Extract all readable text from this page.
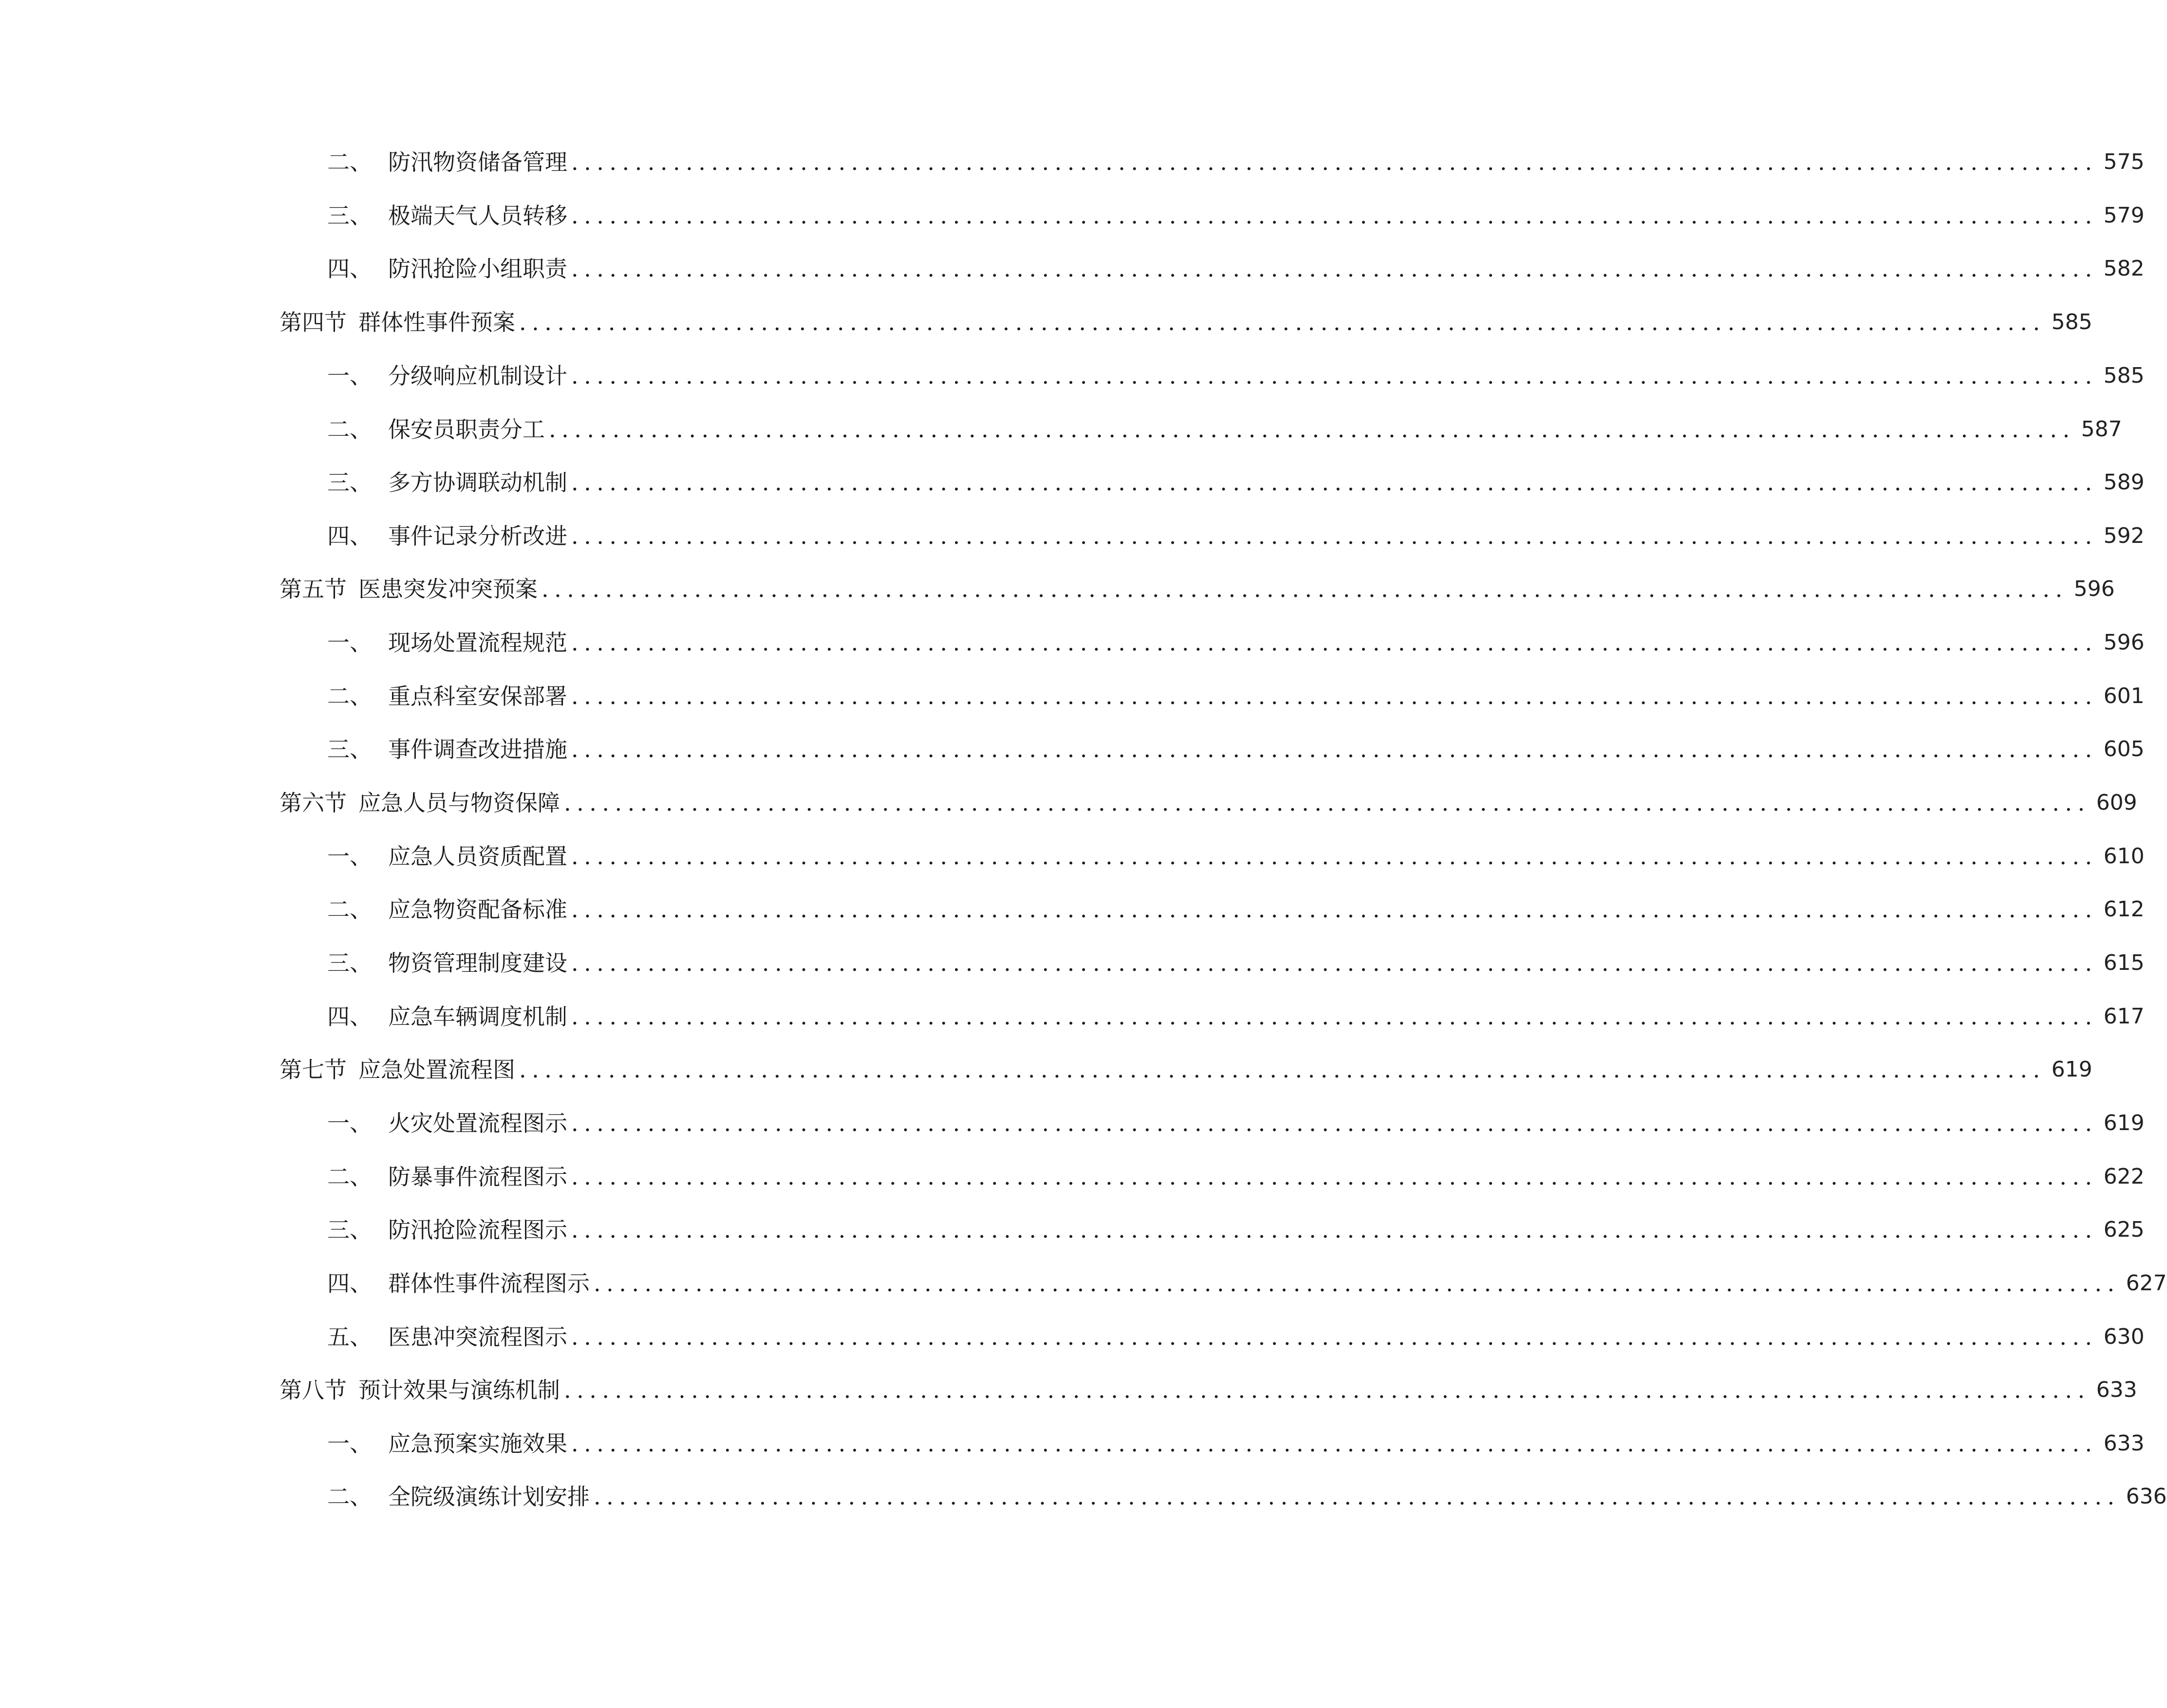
二、 防汛物资储备管理 ........................................................................................................................ 575
三、 极端天气人员转移 ........................................................................................................................ 579
四、 防汛抢险小组职责 ........................................................................................................................ 582
第四节 群体性事件预案 ........................................................................................................................ 585
一、 分级响应机制设计 ........................................................................................................................ 585
二、 保安员职责分工 ........................................................................................................................ 587
三、 多方协调联动机制 ........................................................................................................................ 589
四、 事件记录分析改进 ........................................................................................................................ 592
第五节 医患突发冲突预案 ........................................................................................................................ 596
一、 现场处置流程规范 ........................................................................................................................ 596
二、 重点科室安保部署 ........................................................................................................................ 601
三、 事件调查改进措施 ........................................................................................................................ 605
第六节 应急人员与物资保障 ........................................................................................................................ 609
一、 应急人员资质配置 ........................................................................................................................ 610
二、 应急物资配备标准 ........................................................................................................................ 612
三、 物资管理制度建设 ........................................................................................................................ 615
四、 应急车辆调度机制 ........................................................................................................................ 617
第七节 应急处置流程图 ........................................................................................................................ 619
一、 火灾处置流程图示 ........................................................................................................................ 619
二、 防暴事件流程图示 ........................................................................................................................ 622
三、 防汛抢险流程图示 ........................................................................................................................ 625
四、 群体性事件流程图示 ........................................................................................................................ 627
五、 医患冲突流程图示 ........................................................................................................................ 630
第八节 预计效果与演练机制 ........................................................................................................................ 633
一、 应急预案实施效果 ........................................................................................................................ 633
二、 全院级演练计划安排 ........................................................................................................................ 636
